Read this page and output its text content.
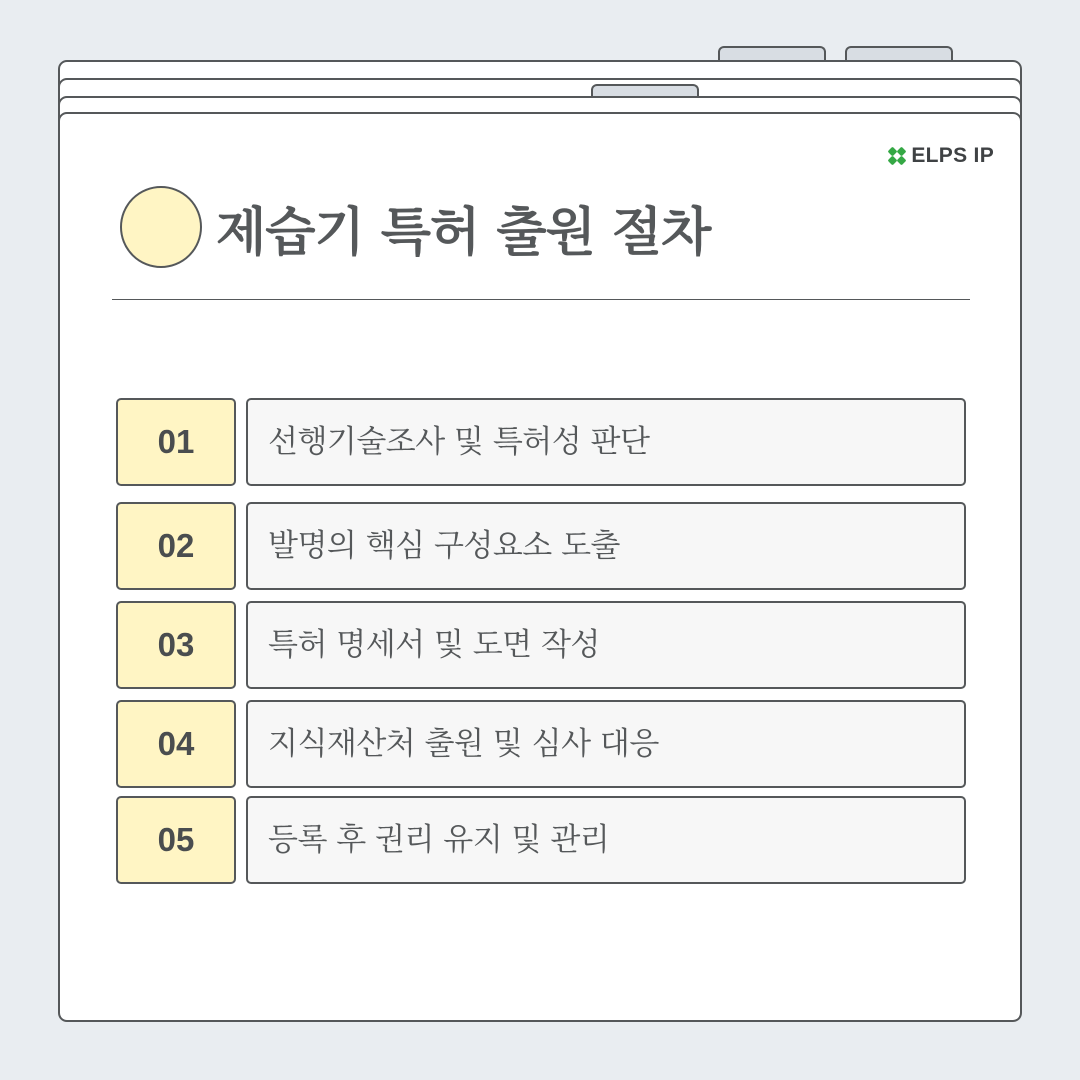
ELPS IP
제습기 특허 출원 절차
01	선행기술조사 및 특허성 판단
02	발명의 핵심 구성요소 도출
03	특허 명세서 및 도면 작성
04	지식재산처 출원 및 심사 대응
05	등록 후 권리 유지 및 관리
